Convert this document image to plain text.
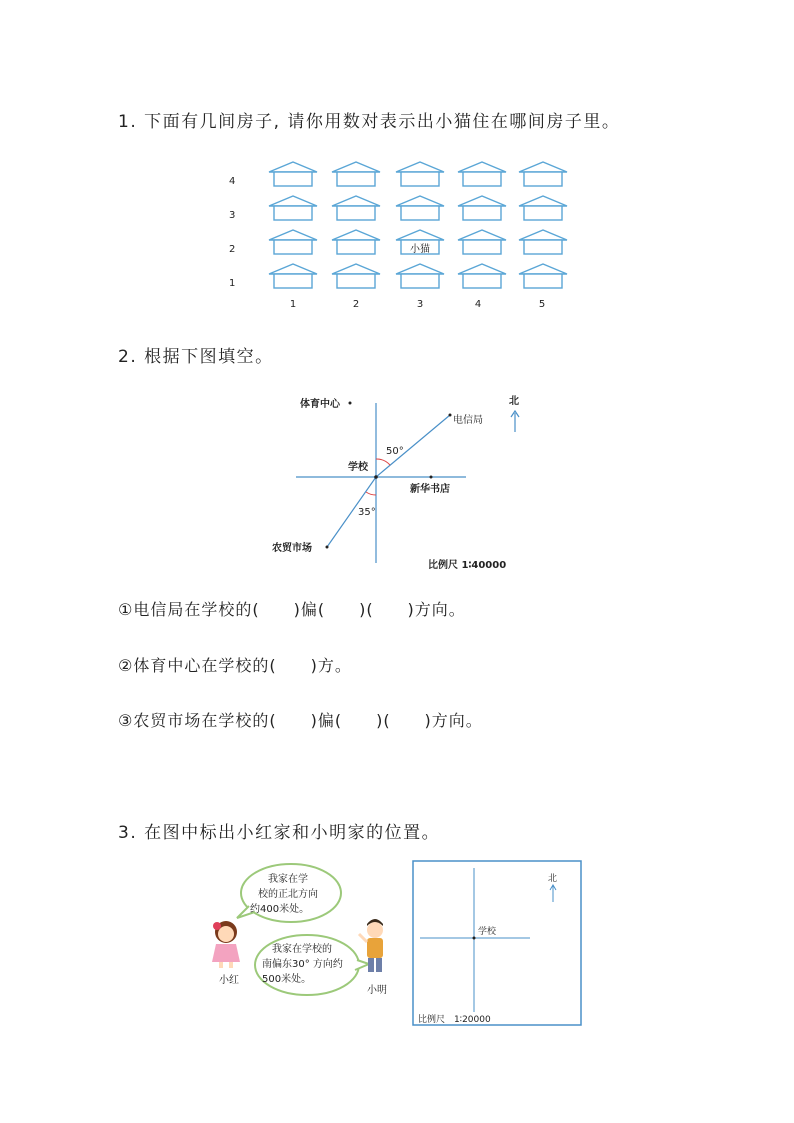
1. 下面有几间房子, 请你用数对表示出小猫住在哪间房子里。
4
3
2
1
1	2	3	4	5
小猫
2. 根据下图填空。
体育中心
电信局
学校
新华书店
农贸市场
50°
35°
北
比例尺 1∶40000
①电信局在学校的(　　)偏(　　)(　　)方向。
②体育中心在学校的(　　)方。
③农贸市场在学校的(　　)偏(　　)(　　)方向。
3. 在图中标出小红家和小明家的位置。
我家在学
校的正北方向
约400米处。
我家在学校的
南偏东30° 方向约
500米处。
小红
小明
学校
北
比例尺　1∶20000
